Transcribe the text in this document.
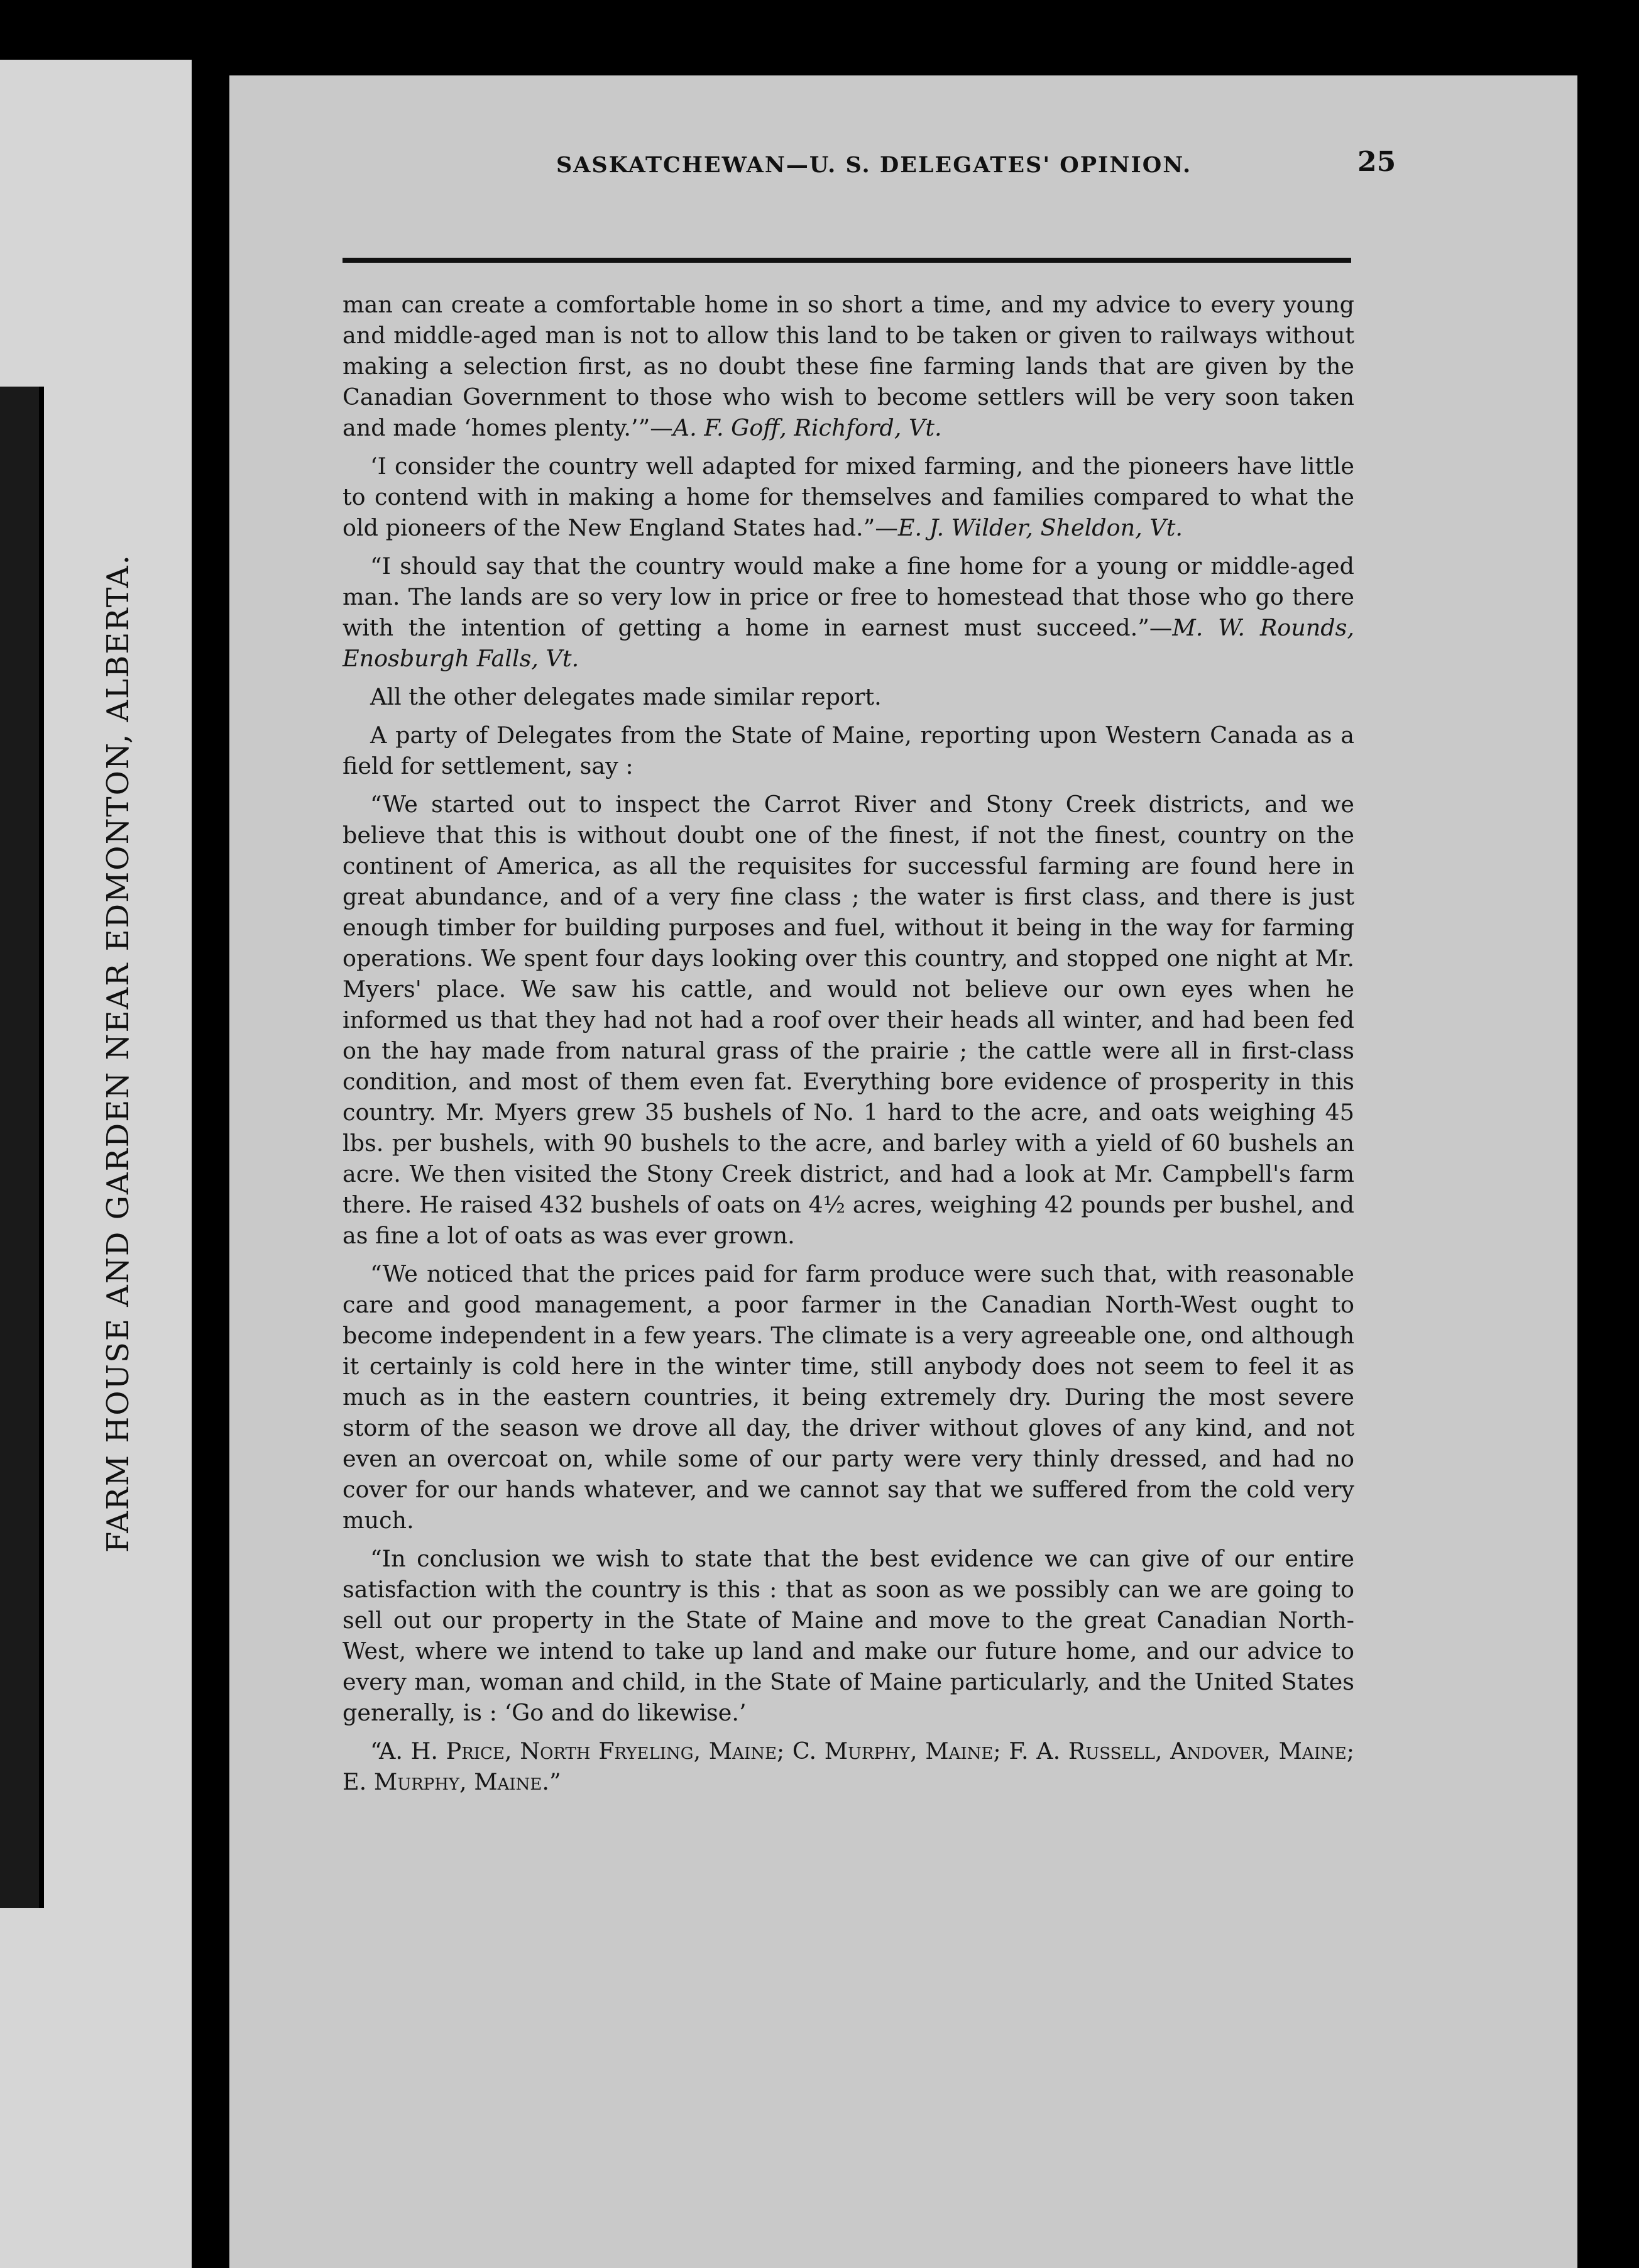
FARM HOUSE AND GARDEN NEAR EDMONTON, ALBERTA.
SASKATCHEWAN—U. S. DELEGATES' OPINION.	25

man can create a comfortable home in so short a time, and my advice to every young and middle-aged man is not to allow this land to be taken or given to railways without making a selection first, as no doubt these fine farming lands that are given by the Canadian Government to those who wish to become settlers will be very soon taken and made ‘homes plenty.’”—A. F. Goff, Richford, Vt.

‘I consider the country well adapted for mixed farming, and the pioneers have little to contend with in making a home for themselves and families compared to what the old pioneers of the New England States had.”—E. J. Wilder, Sheldon, Vt.

“I should say that the country would make a fine home for a young or middle-aged man. The lands are so very low in price or free to homestead that those who go there with the intention of getting a home in earnest must succeed.”—M. W. Rounds, Enosburgh Falls, Vt.

All the other delegates made similar report.

A party of Delegates from the State of Maine, reporting upon Western Canada as a field for settlement, say :

“We started out to inspect the Carrot River and Stony Creek districts, and we believe that this is without doubt one of the finest, if not the finest, country on the continent of America, as all the requisites for successful farming are found here in great abundance, and of a very fine class ; the water is first class, and there is just enough timber for building purposes and fuel, without it being in the way for farming operations. We spent four days looking over this country, and stopped one night at Mr. Myers' place. We saw his cattle, and would not believe our own eyes when he informed us that they had not had a roof over their heads all winter, and had been fed on the hay made from natural grass of the prairie ; the cattle were all in first-class condition, and most of them even fat. Everything bore evidence of prosperity in this country. Mr. Myers grew 35 bushels of No. 1 hard to the acre, and oats weighing 45 lbs. per bushels, with 90 bushels to the acre, and barley with a yield of 60 bushels an acre. We then visited the Stony Creek district, and had a look at Mr. Campbell's farm there. He raised 432 bushels of oats on 4½ acres, weighing 42 pounds per bushel, and as fine a lot of oats as was ever grown.

“We noticed that the prices paid for farm produce were such that, with reasonable care and good management, a poor farmer in the Canadian North-West ought to become independent in a few years. The climate is a very agreeable one, ond although it certainly is cold here in the winter time, still anybody does not seem to feel it as much as in the eastern countries, it being extremely dry. During the most severe storm of the season we drove all day, the driver without gloves of any kind, and not even an overcoat on, while some of our party were very thinly dressed, and had no cover for our hands whatever, and we cannot say that we suffered from the cold very much.

“In conclusion we wish to state that the best evidence we can give of our entire satisfaction with the country is this : that as soon as we possibly can we are going to sell out our property in the State of Maine and move to the great Canadian North-West, where we intend to take up land and make our future home, and our advice to every man, woman and child, in the State of Maine particularly, and the United States generally, is : ‘Go and do likewise.’

“A. H. Price, North Fryeling, Maine; C. Murphy, Maine; F. A. Russell, Andover, Maine; E. Murphy, Maine.”
